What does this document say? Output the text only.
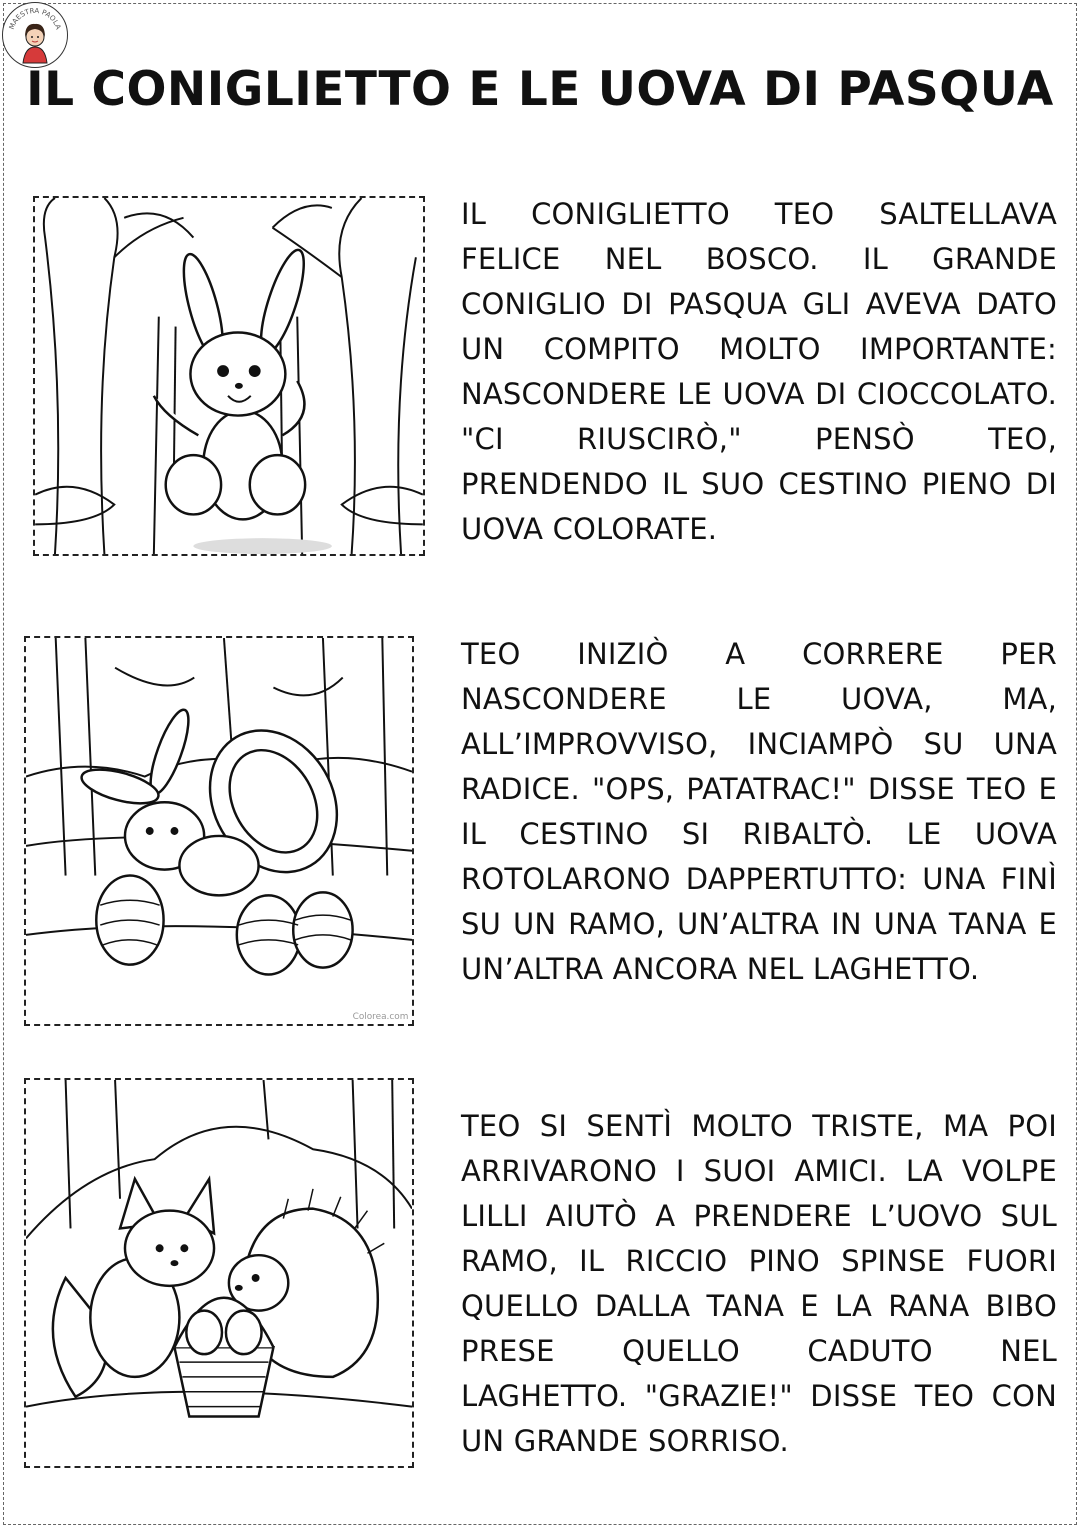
MAESTRA PAOLA
IL CONIGLIETTO E LE UOVA DI PASQUA

IL CONIGLIETTO TEO SALTELLAVA FELICE NEL BOSCO. IL GRANDE CONIGLIO DI PASQUA GLI AVEVA DATO UN COMPITO MOLTO IMPORTANTE: NASCONDERE LE UOVA DI CIOCCOLATO. "CI RIUSCIRÒ," PENSÒ TEO, PRENDENDO IL SUO CESTINO PIENO DI UOVA COLORATE.

Colorea.com

TEO INIZIÒ A CORRERE PER NASCONDERE LE UOVA, MA, ALL’IMPROVVISO, INCIAMPÒ SU UNA RADICE. "OPS, PATATRAC!" DISSE TEO E IL CESTINO SI RIBALTÒ. LE UOVA ROTOLARONO DAPPERTUTTO: UNA FINÌ SU UN RAMO, UN’ALTRA IN UNA TANA E UN’ALTRA ANCORA NEL LAGHETTO.

TEO SI SENTÌ MOLTO TRISTE, MA POI ARRIVARONO I SUOI AMICI. LA VOLPE LILLI AIUTÒ A PRENDERE L’UOVO SUL RAMO, IL RICCIO PINO SPINSE FUORI QUELLO DALLA TANA E LA RANA BIBO PRESE QUELLO CADUTO NEL LAGHETTO. "GRAZIE!" DISSE TEO CON UN GRANDE SORRISO.
